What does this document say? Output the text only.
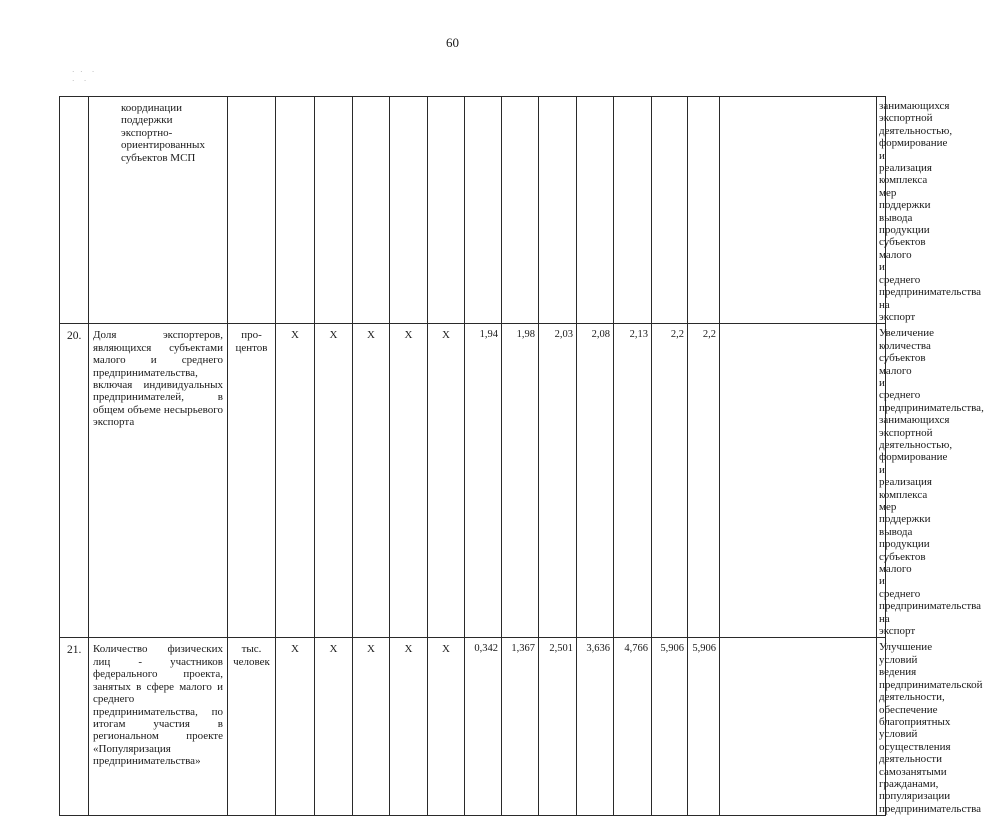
60
· ·  ·
·  ·

	координации
поддержки экспортно-
ориентированных
субъектов МСП															занимающихся экспортной деятельностью, формирование и реализация комплекса мер поддержки вывода продукции субъектов малого и среднего предпринимательства на экспорт
20.	Доля экспортеров, являющихся субъектами малого и среднего предпринимательства, включая индивидуальных предпринимателей, в общем объеме несырьевого экспорта	про-
центов	X	X	X	X	X	1,94	1,98	2,03	2,08	2,13	2,2	2,2		Увеличение количества субъектов малого и среднего предпринимательства, занимающихся экспортной деятельностью, формирование и реализация комплекса мер поддержки вывода продукции субъектов малого и среднего предпринимательства на экспорт
21.	Количество физических лиц - участников федерального проекта, занятых в сфере малого и среднего предпринимательства, по итогам участия в региональном проекте «Популяризация предпринимательства»	тыс.
человек	X	X	X	X	X	0,342	1,367	2,501	3,636	4,766	5,906	5,906		Улучшение условий ведения предпринимательской деятельности, обеспечение благоприятных условий осуществления деятельности самозанятыми гражданами, популяризации предпринимательства
